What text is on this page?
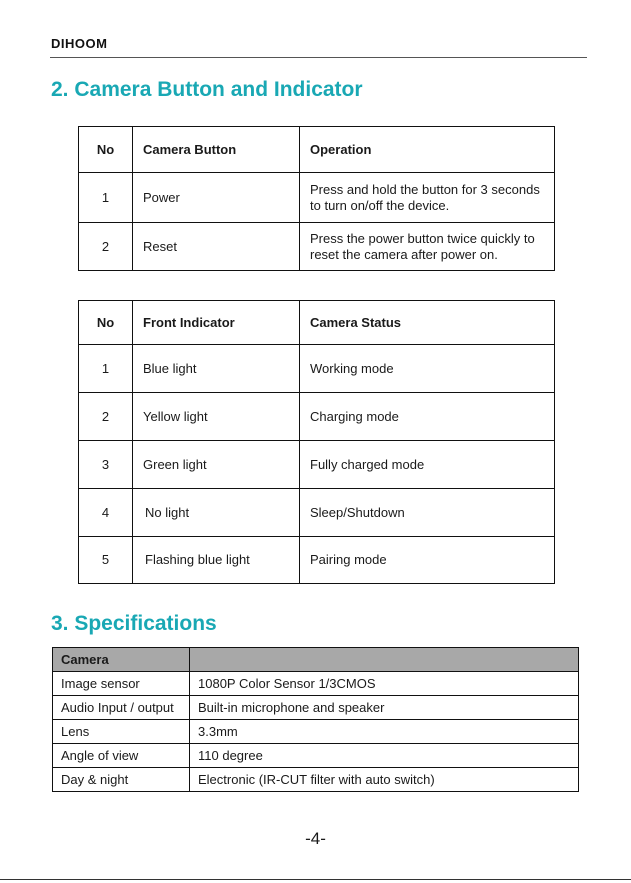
DIHOOM
2. Camera Button and Indicator
No	Camera Button	Operation
1	Power	Press and hold the button for 3 seconds to turn on/off the device.
2	Reset	Press the power button twice quickly to reset the camera after power on.
No	Front Indicator	Camera Status
1	Blue light	Working mode
2	Yellow light	Charging mode
3	Green light	Fully charged mode
4	No light	Sleep/Shutdown
5	Flashing blue light	Pairing mode
3. Specifications
Camera	
Image sensor	1080P Color Sensor 1/3CMOS
Audio Input / output	Built-in microphone and speaker
Lens	3.3mm
Angle of view	110 degree
Day & night	Electronic (IR-CUT filter with auto switch)
-4-
